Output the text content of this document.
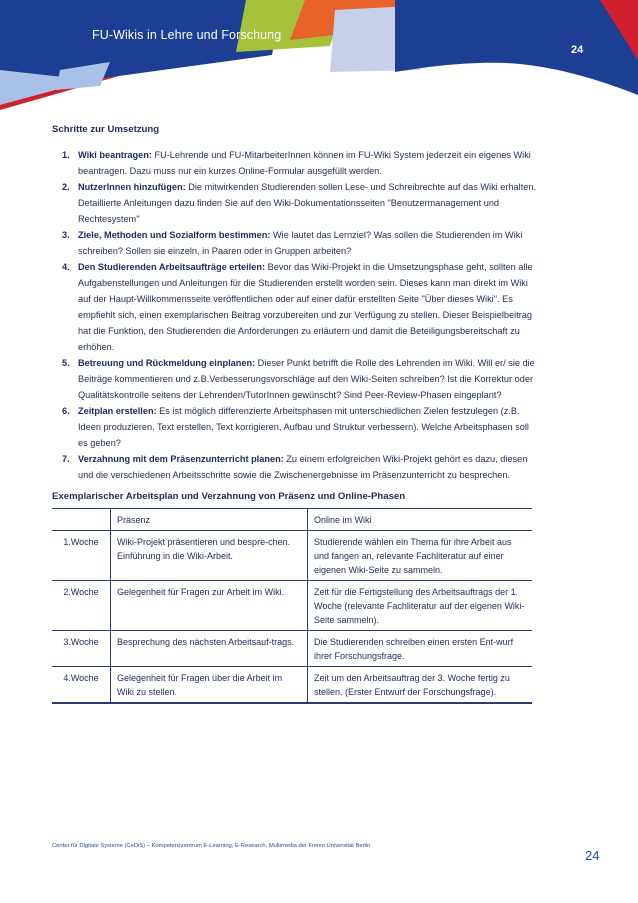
FU-Wikis in Lehre und Forschung
24
Schritte zur Umsetzung
1. Wiki beantragen: FU-Lehrende und FU-MitarbeiterInnen können im FU-Wiki System jederzeit ein eigenes Wiki beantragen. Dazu muss nur ein kurzes Online-Formular ausgefüllt werden.
2. NutzerInnen hinzufügen: Die mitwirkenden Studierenden sollen Lese- und Schreibrechte auf das Wiki erhalten. Detaillierte Anleitungen dazu finden Sie auf den Wiki-Dokumentationsseiten "Benutzermanagement und Rechtesystem"
3. Ziele, Methoden und Sozialform bestimmen: Wie lautet das Lernziel? Was sollen die Studierenden im Wiki schreiben? Sollen sie einzeln, in Paaren oder in Gruppen arbeiten?
4. Den Studierenden Arbeitsaufträge erteilen: Bevor das Wiki-Projekt in die Umsetzungsphase geht, sollten alle Aufgabenstellungen und Anleitungen für die Studierenden erstellt worden sein. Dieses kann man direkt im Wiki auf der Haupt-Willkommensseite veröffentlichen oder auf einer dafür erstellten Seite "Über dieses Wiki". Es empfiehlt sich, einen exemplarischen Beitrag vorzubereiten und zur Verfügung zu stellen. Dieser Beispielbeitrag hat die Funktion, den Studierenden die Anforderungen zu erläutern und damit die Beteiligungsbereitschaft zu erhöhen.
5. Betreuung und Rückmeldung einplanen: Dieser Punkt betrifft die Rolle des Lehrenden im Wiki. Will er/ sie die Beiträge kommentieren und z.B.Verbesserungsvorschläge auf den Wiki-Seiten schreiben? Ist die Korrektur oder Qualitätskontrolle seitens der Lehrenden/TutorInnen gewünscht? Sind Peer-Review-Phasen eingeplant?
6. Zeitplan erstellen: Es ist möglich differenzierte Arbeitsphasen mit unterschiedlichen Zielen festzulegen (z.B. Ideen produzieren, Text erstellen, Text korrigieren, Aufbau und Struktur verbessern). Welche Arbeitsphasen soll es geben?
7. Verzahnung mit dem Präsenzunterricht planen: Zu einem erfolgreichen Wiki-Projekt gehört es dazu, diesen und die verschiedenen Arbeitsschritte sowie die Zwischenergebnisse im Präsenzunterricht zu besprechen.
Exemplarischer Arbeitsplan und Verzahnung von Präsenz und Online-Phasen
	Präsenz	Online im Wiki
1.Woche	Wiki-Projekt präsentieren und bespre-chen. Einführung in die Wiki-Arbeit.	Studierende wählen ein Thema für ihre Arbeit aus und fangen an, relevante Fachliteratur auf einer eigenen Wiki-Seite zu sammeln.
2.Woche	Gelegenheit für Fragen zur Arbeit im Wiki.	Zeit für die Fertigstellung des Arbeitsauftrags der 1. Woche (relevante Fachliteratur auf der eigenen Wiki-Seite sammeln).
3.Woche	Besprechung des nächsten Arbeitsauf-trags.	Die Studierenden schreiben einen ersten Ent-wurf ihrer Forschungsfrage.
4.Woche	Gelegenheit für Fragen über die Arbeit im Wiki zu stellen.	Zeit um den Arbeitsauftrag der 3. Woche fertig zu stellen. (Erster Entwurf der Forschungsfrage).
Center für Digitale Systeme (CeDiS) – Kompetenzzentrum E-Learning, E-Research, Multimedia der Freien Universität Berlin
24
